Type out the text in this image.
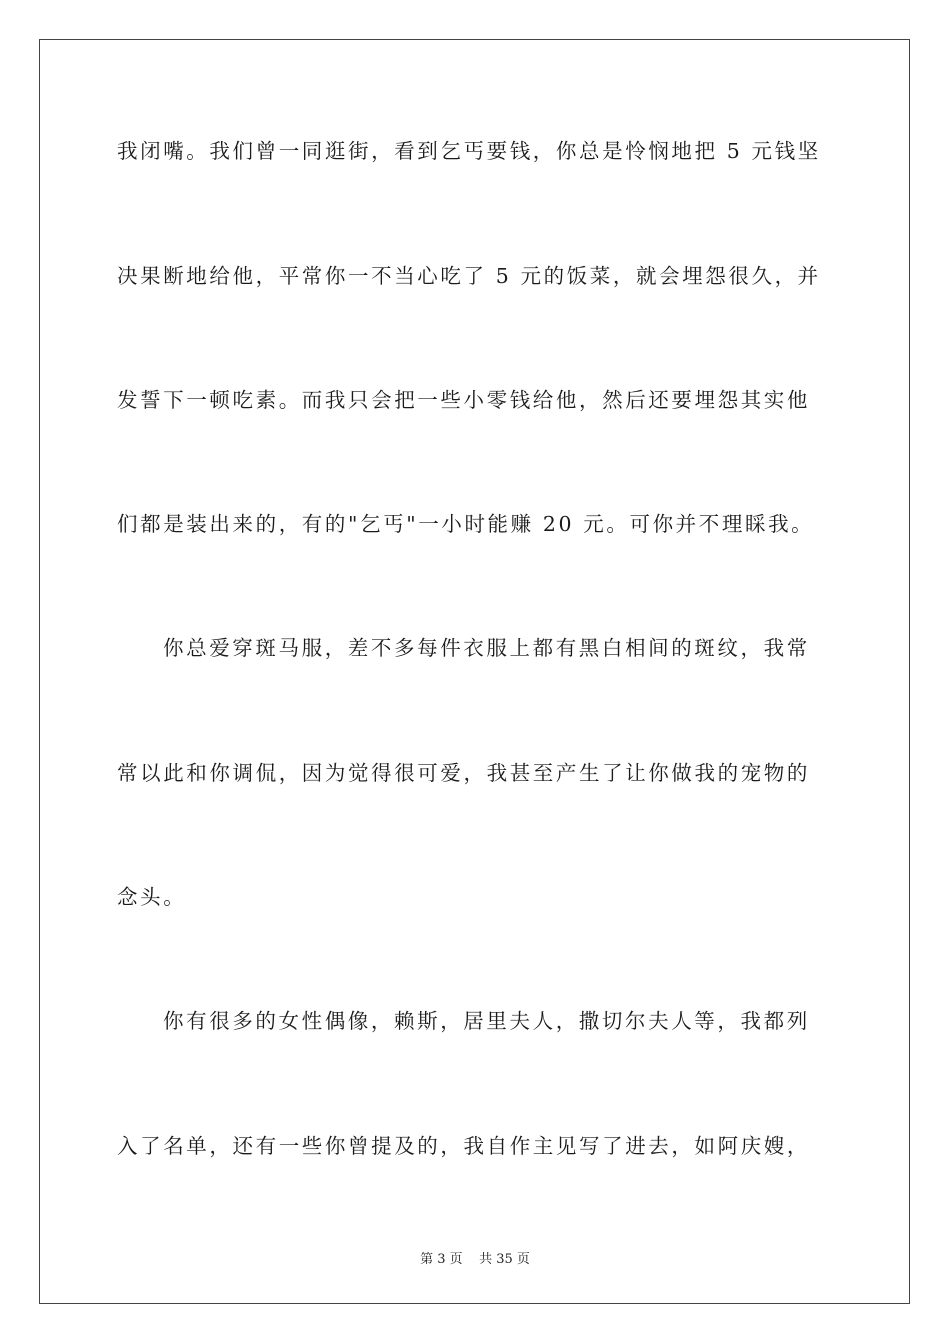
我闭嘴。我们曾一同逛街，看到乞丐要钱，你总是怜悯地把 5 元钱坚
决果断地给他，平常你一不当心吃了 5 元的饭菜，就会埋怨很久，并
发誓下一顿吃素。而我只会把一些小零钱给他，然后还要埋怨其实他
们都是装出来的，有的"乞丐"一小时能赚 20 元。可你并不理睬我。
你总爱穿斑马服，差不多每件衣服上都有黑白相间的斑纹，我常
常以此和你调侃，因为觉得很可爱，我甚至产生了让你做我的宠物的
念头。
你有很多的女性偶像，赖斯，居里夫人，撒切尔夫人等，我都列
入了名单，还有一些你曾提及的，我自作主见写了进去，如阿庆嫂，
第 3 页    共 35 页
